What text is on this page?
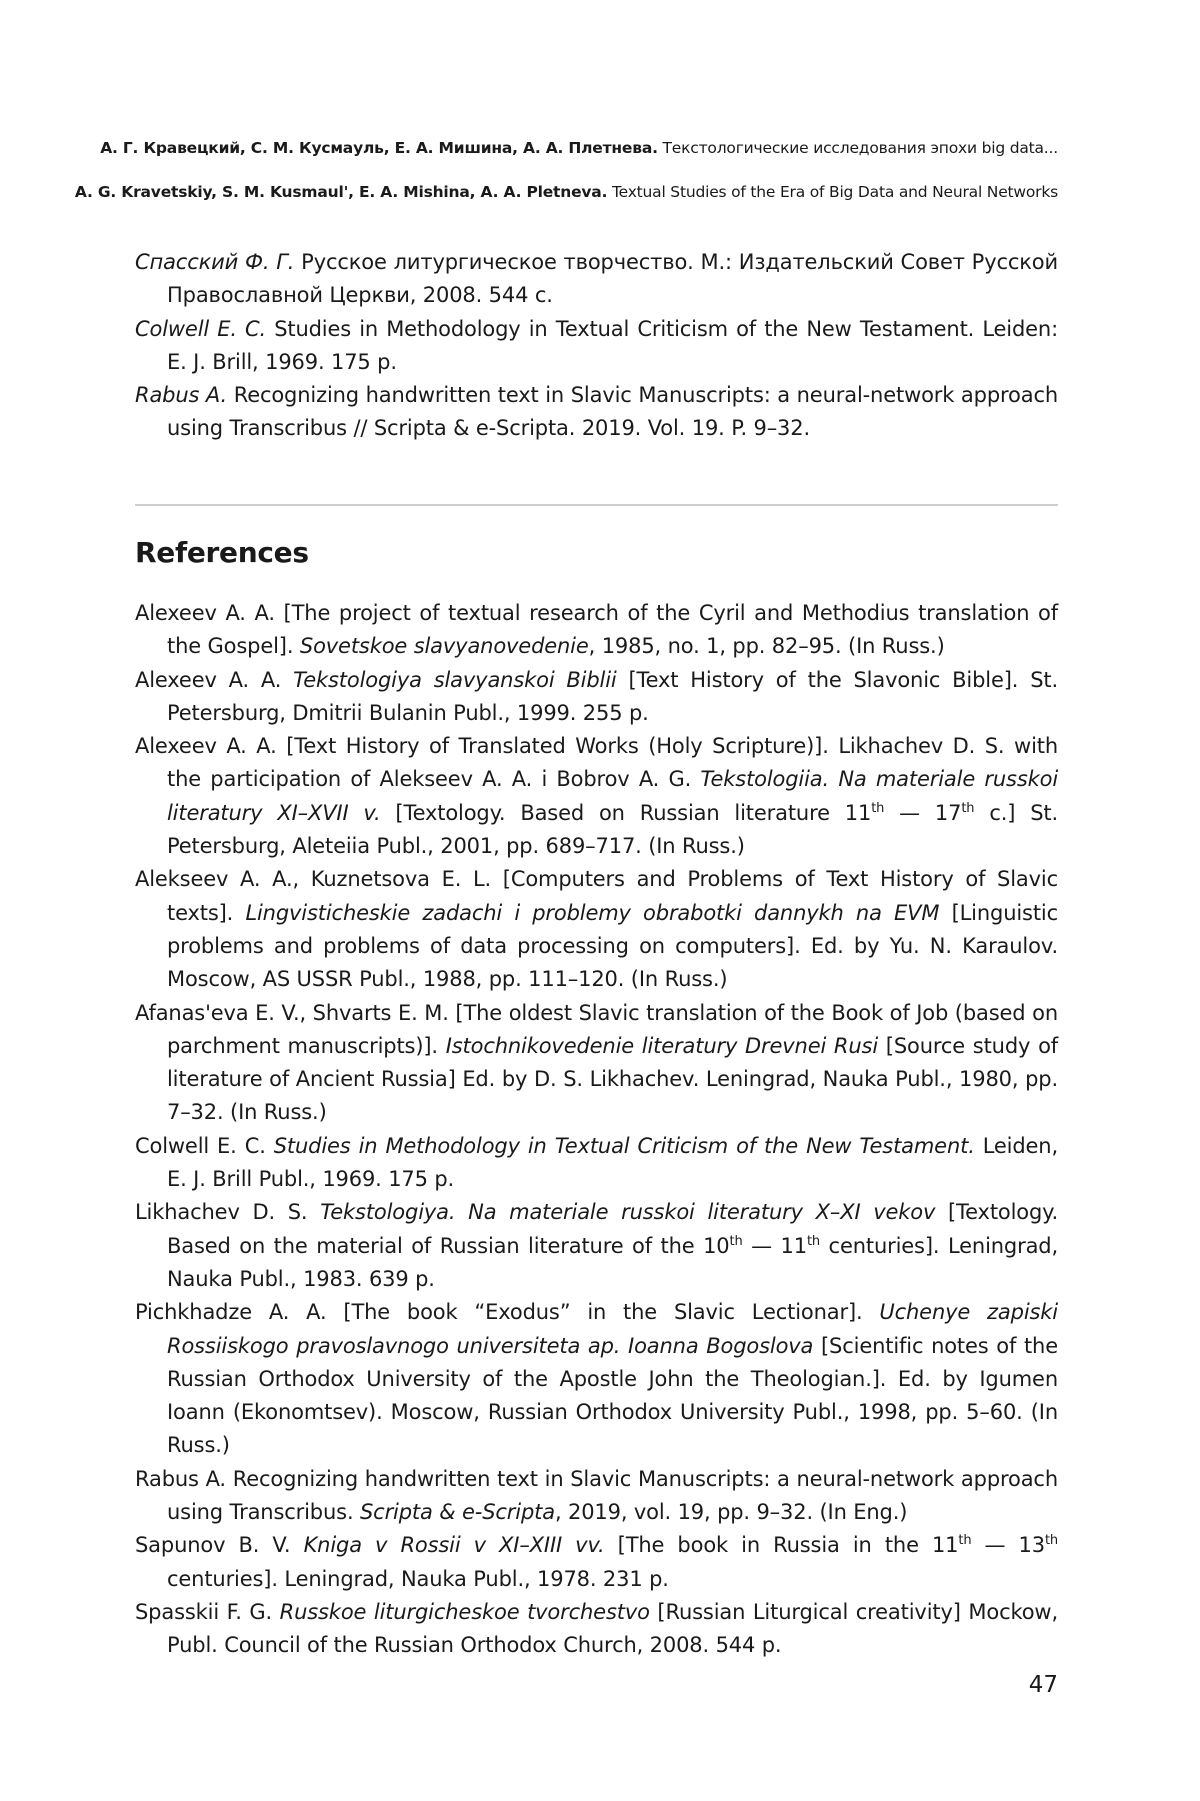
А. Г. Кравецкий, С. М. Кусмауль, Е. А. Мишина, А. А. Плетнева. Текстологические исследования эпохи big data...
A. G. Kravetskiy, S. M. Kusmaul', E. A. Mishina, A. A. Pletneva. Textual Studies of the Era of Big Data and Neural Networks
Спасский Ф. Г. Русское литургическое творчество. М.: Издательский Совет Русской Православной Церкви, 2008. 544 с.
Colwell E. C. Studies in Methodology in Textual Criticism of the New Testament. Leiden: E. J. Brill, 1969. 175 p.
Rabus A. Recognizing handwritten text in Slavic Manuscripts: a neural-network approach using Transcribus // Scripta & e-Scripta. 2019. Vol. 19. P. 9–32.
References
Alexeev A. A. [The project of textual research of the Cyril and Methodius translation of the Gospel]. Sovetskoe slavyanovedenie, 1985, no. 1, pp. 82–95. (In Russ.)
Alexeev A. A. Tekstologiya slavyanskoi Biblii [Text History of the Slavonic Bible]. St. Petersburg, Dmitrii Bulanin Publ., 1999. 255 p.
Alexeev A. A. [Text History of Translated Works (Holy Scripture)]. Likhachev D. S. with the participation of Alekseev A. A. i Bobrov A. G. Tekstologiia. Na materiale russkoi literatury XI–XVII v. [Textology. Based on Russian literature 11th — 17th c.] St. Petersburg, Aleteiia Publ., 2001, pp. 689–717. (In Russ.)
Alekseev A. A., Kuznetsova E. L. [Computers and Problems of Text History of Slavic texts]. Lingvisticheskie zadachi i problemy obrabotki dannykh na EVM [Linguistic problems and problems of data processing on computers]. Ed. by Yu. N. Karaulov. Moscow, AS USSR Publ., 1988, pp. 111–120. (In Russ.)
Afanas'eva E. V., Shvarts E. M. [The oldest Slavic translation of the Book of Job (based on parchment manuscripts)]. Istochnikovedenie literatury Drevnei Rusi [Source study of literature of Ancient Russia] Ed. by D. S. Likhachev. Leningrad, Nauka Publ., 1980, pp. 7–32. (In Russ.)
Colwell E. C. Studies in Methodology in Textual Criticism of the New Testament. Leiden, E. J. Brill Publ., 1969. 175 p.
Likhachev D. S. Tekstologiya. Na materiale russkoi literatury X–XI vekov [Textology. Based on the material of Russian literature of the 10th — 11th centuries]. Leningrad, Nauka Publ., 1983. 639 p.
Pichkhadze A. A. [The book “Exodus” in the Slavic Lectionar]. Uchenye zapiski Rossiiskogo pravoslavnogo universiteta ap. Ioanna Bogoslova [Scientific notes of the Russian Orthodox University of the Apostle John the Theologian.]. Ed. by Igumen Ioann (Ekonomtsev). Moscow, Russian Orthodox University Publ., 1998, pp. 5–60. (In Russ.)
Rabus A. Recognizing handwritten text in Slavic Manuscripts: a neural-network approach using Transcribus. Scripta & e-Scripta, 2019, vol. 19, pp. 9–32. (In Eng.)
Sapunov B. V. Kniga v Rossii v XI–XIII vv. [The book in Russia in the 11th — 13th centuries]. Leningrad, Nauka Publ., 1978. 231 p.
Spasskii F. G. Russkoe liturgicheskoe tvorchestvo [Russian Liturgical creativity] Mockow, Publ. Council of the Russian Orthodox Church, 2008. 544 p.
47
